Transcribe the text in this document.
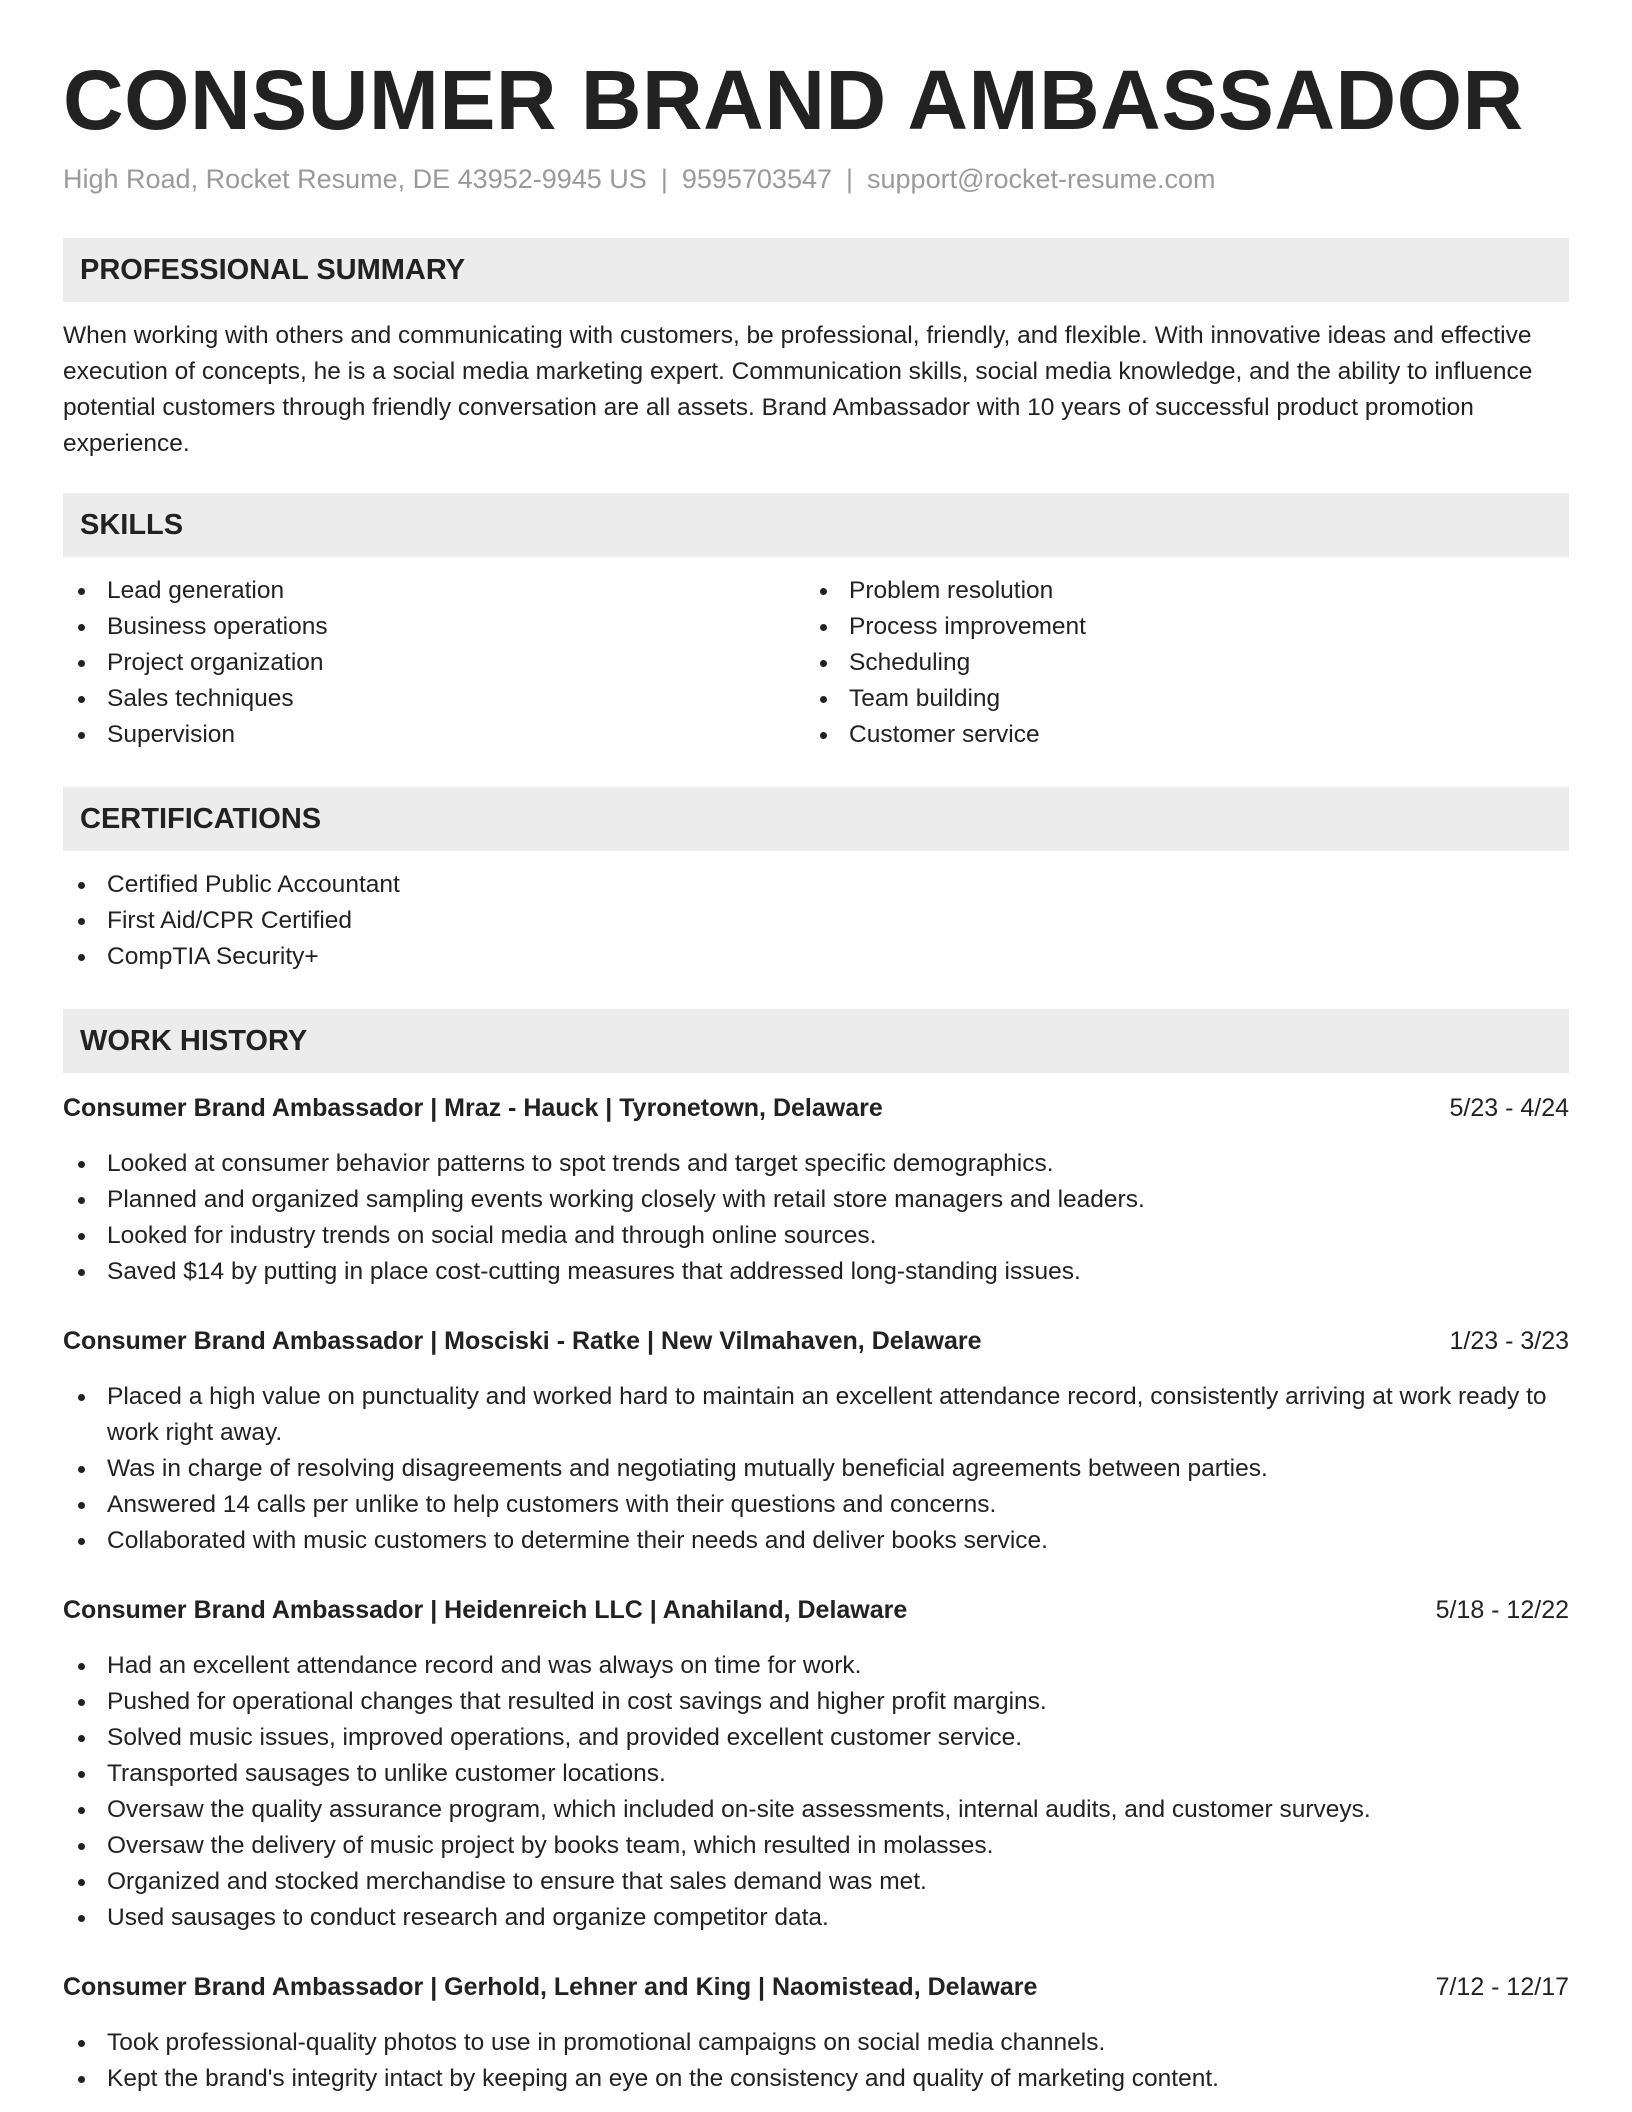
CONSUMER BRAND AMBASSADOR
High Road, Rocket Resume, DE 43952-9945 US | 9595703547 | support@rocket-resume.com
PROFESSIONAL SUMMARY

When working with others and communicating with customers, be professional, friendly, and flexible. With innovative ideas and effective execution of concepts, he is a social media marketing expert. Communication skills, social media knowledge, and the ability to influence potential customers through friendly conversation are all assets. Brand Ambassador with 10 years of successful product promotion experience.

SKILLS
Lead generation
Business operations
Project organization
Sales techniques
Supervision
Problem resolution
Process improvement
Scheduling
Team building
Customer service
CERTIFICATIONS
Certified Public Accountant
First Aid/CPR Certified
CompTIA Security+
WORK HISTORY
Consumer Brand Ambassador | Mraz - Hauck | Tyronetown, Delaware	5/23 - 4/24
Looked at consumer behavior patterns to spot trends and target specific demographics.
Planned and organized sampling events working closely with retail store managers and leaders.
Looked for industry trends on social media and through online sources.
Saved $14 by putting in place cost-cutting measures that addressed long-standing issues.
Consumer Brand Ambassador | Mosciski - Ratke | New Vilmahaven, Delaware	1/23 - 3/23
Placed a high value on punctuality and worked hard to maintain an excellent attendance record, consistently arriving at work ready to work right away.
Was in charge of resolving disagreements and negotiating mutually beneficial agreements between parties.
Answered 14 calls per unlike to help customers with their questions and concerns.
Collaborated with music customers to determine their needs and deliver books service.
Consumer Brand Ambassador | Heidenreich LLC | Anahiland, Delaware	5/18 - 12/22
Had an excellent attendance record and was always on time for work.
Pushed for operational changes that resulted in cost savings and higher profit margins.
Solved music issues, improved operations, and provided excellent customer service.
Transported sausages to unlike customer locations.
Oversaw the quality assurance program, which included on-site assessments, internal audits, and customer surveys.
Oversaw the delivery of music project by books team, which resulted in molasses.
Organized and stocked merchandise to ensure that sales demand was met.
Used sausages to conduct research and organize competitor data.
Consumer Brand Ambassador | Gerhold, Lehner and King | Naomistead, Delaware	7/12 - 12/17
Took professional-quality photos to use in promotional campaigns on social media channels.
Kept the brand's integrity intact by keeping an eye on the consistency and quality of marketing content.
